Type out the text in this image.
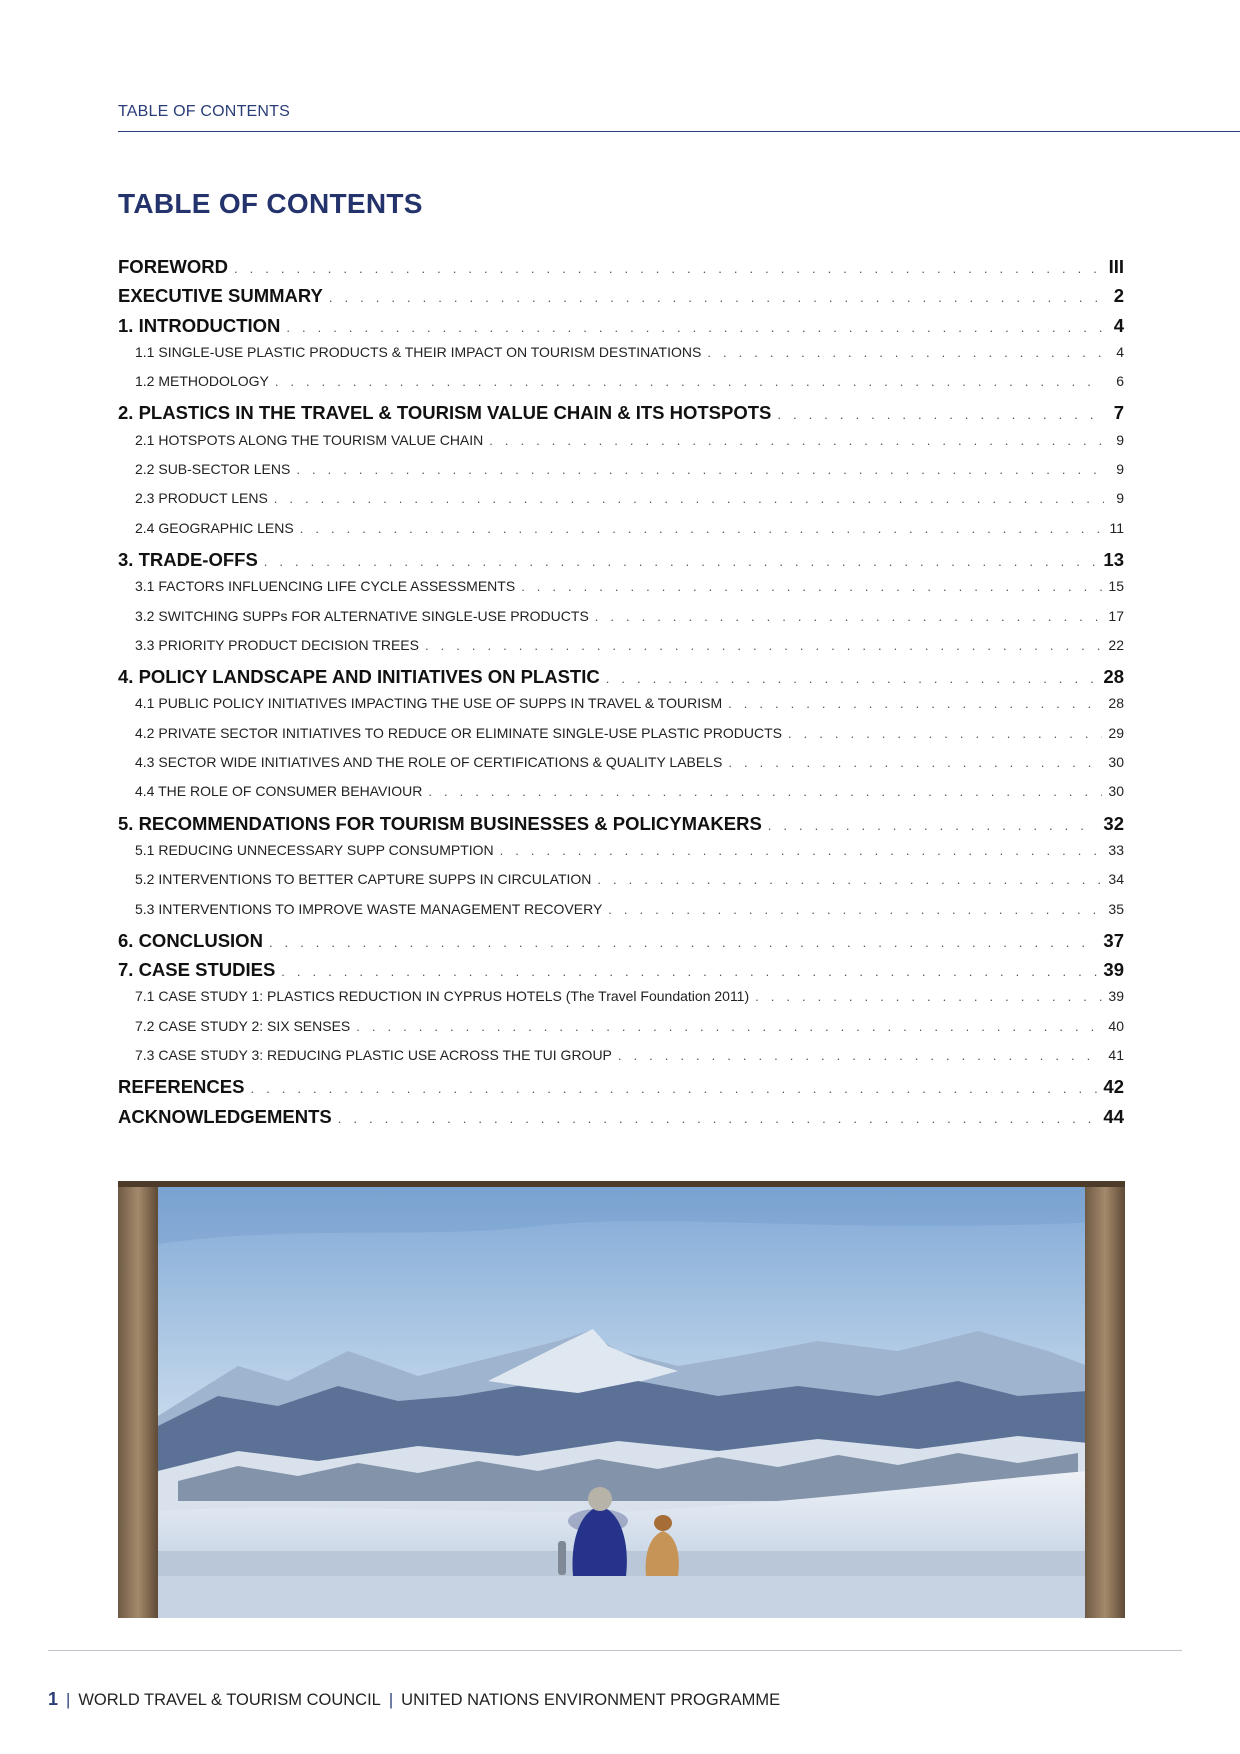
TABLE OF CONTENTS
TABLE OF CONTENTS
FOREWORD . . .	III
EXECUTIVE SUMMARY . . .	2
1. INTRODUCTION . . .	4
1.1 SINGLE-USE PLASTIC PRODUCTS & THEIR IMPACT ON TOURISM DESTINATIONS . . .	4
1.2 METHODOLOGY . . .	6
2. PLASTICS IN THE TRAVEL & TOURISM VALUE CHAIN & ITS HOTSPOTS . . .	7
2.1 HOTSPOTS ALONG THE TOURISM VALUE CHAIN . . .	9
2.2 SUB-SECTOR LENS . . .	9
2.3 PRODUCT LENS . . .	9
2.4 GEOGRAPHIC LENS . . .	11
3. TRADE-OFFS . . .	13
3.1 FACTORS INFLUENCING LIFE CYCLE ASSESSMENTS . . .	15
3.2 SWITCHING SUPPs FOR ALTERNATIVE SINGLE-USE PRODUCTS . . .	17
3.3 PRIORITY PRODUCT DECISION TREES . . .	22
4. POLICY LANDSCAPE AND INITIATIVES ON PLASTIC . . .	28
4.1 PUBLIC POLICY INITIATIVES IMPACTING THE USE OF SUPPS IN TRAVEL & TOURISM . . .	28
4.2 PRIVATE SECTOR INITIATIVES TO REDUCE OR ELIMINATE SINGLE-USE PLASTIC PRODUCTS . . .	29
4.3 SECTOR WIDE INITIATIVES AND THE ROLE OF CERTIFICATIONS & QUALITY LABELS . . .	30
4.4 THE ROLE OF CONSUMER BEHAVIOUR . . .	30
5. RECOMMENDATIONS FOR TOURISM BUSINESSES & POLICYMAKERS . . .	32
5.1 REDUCING UNNECESSARY SUPP CONSUMPTION . . .	33
5.2 INTERVENTIONS TO BETTER CAPTURE SUPPS IN CIRCULATION . . .	34
5.3 INTERVENTIONS TO IMPROVE WASTE MANAGEMENT RECOVERY . . .	35
6. CONCLUSION . . .	37
7. CASE STUDIES . . .	39
7.1 CASE STUDY 1: PLASTICS REDUCTION IN CYPRUS HOTELS (The Travel Foundation 2011) . . .	39
7.2 CASE STUDY 2: SIX SENSES . . .	40
7.3 CASE STUDY 3: REDUCING PLASTIC USE ACROSS THE TUI GROUP . . .	41
REFERENCES . . .	42
ACKNOWLEDGEMENTS . . .	44
1 | WORLD TRAVEL & TOURISM COUNCIL | UNITED NATIONS ENVIRONMENT PROGRAMME
